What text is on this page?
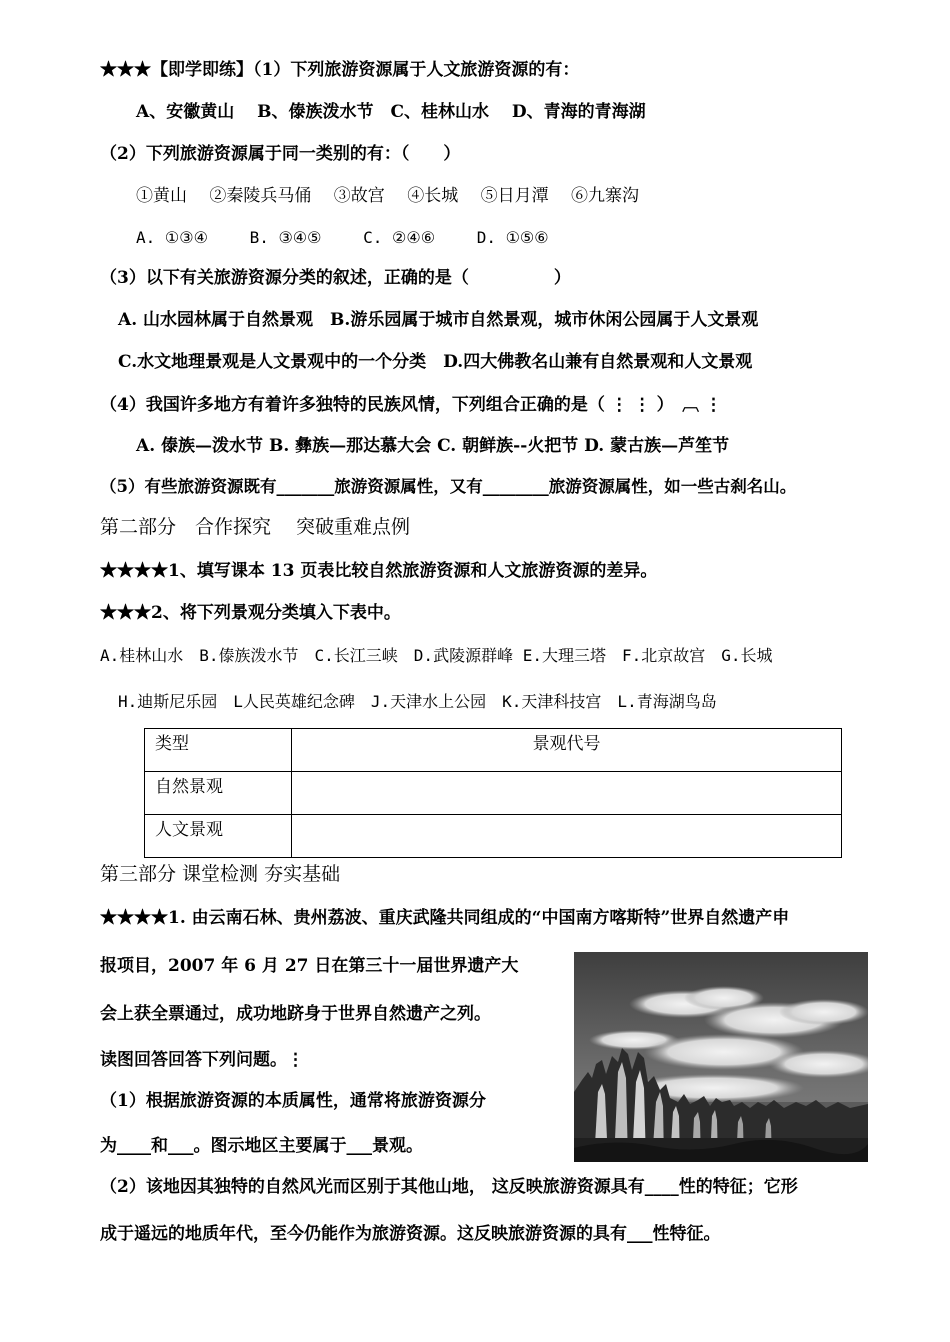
★★★【即学即练】（1）下列旅游资源属于人文旅游资源的有：

A、安徽黄山　 B、傣族泼水节　C、桂林山水　 D、青海的青海湖

（2）下列旅游资源属于同一类别的有：（　　）

①黄山　 ②秦陵兵马俑　 ③故宫　 ④长城　 ⑤日月潭　 ⑥九寨沟

A. ①③④　　 B. ③④⑤　　 C. ②④⑥　　 D. ①⑤⑥

（3）以下有关旅游资源分类的叙述，正确的是（　　　　　）

A. 山水园林属于自然景观　B.游乐园属于城市自然景观，城市休闲公园属于人文景观

C.水文地理景观是人文景观中的一个分类　D.四大佛教名山兼有自然景观和人文景观

（4）我国许多地方有着许多独特的民族风情，下列组合正确的是（ ⋮ ⋮ ）　︹ ⋮

A. 傣族—泼水节 B. 彝族—那达慕大会 C. 朝鲜族--火把节 D. 蒙古族—芦笙节

（5）有些旅游资源既有_______旅游资源属性，又有________旅游资源属性，如一些古刹名山。

第二部分　合作探究　 突破重难点例

★★★★1、填写课本 13 页表比较自然旅游资源和人文旅游资源的差异。

★★★2、将下列景观分类填入下表中。

A.桂林山水　B.傣族泼水节　C.长江三峡　D.武陵源群峰 E.大理三塔　F.北京故宫　G.长城

H.迪斯尼乐园　L人民英雄纪念碑　J.天津水上公园　K.天津科技宫　L.青海湖鸟岛

类型	景观代号
自然景观	
人文景观	

第三部分 课堂检测 夯实基础

★★★★1. 由云南石林、贵州荔波、重庆武隆共同组成的“中国南方喀斯特”世界自然遗产申

报项目，2007 年 6 月 27 日在第三十一届世界遗产大

会上获全票通过，成功地跻身于世界自然遗产之列。

读图回答回答下列问题。⋮

（1）根据旅游资源的本质属性，通常将旅游资源分

为____和___。图示地区主要属于___景观。

（2）该地因其独特的自然风光而区别于其他山地， 这反映旅游资源具有____性的特征；它形

成于遥远的地质年代，至今仍能作为旅游资源。这反映旅游资源的具有___性特征。
